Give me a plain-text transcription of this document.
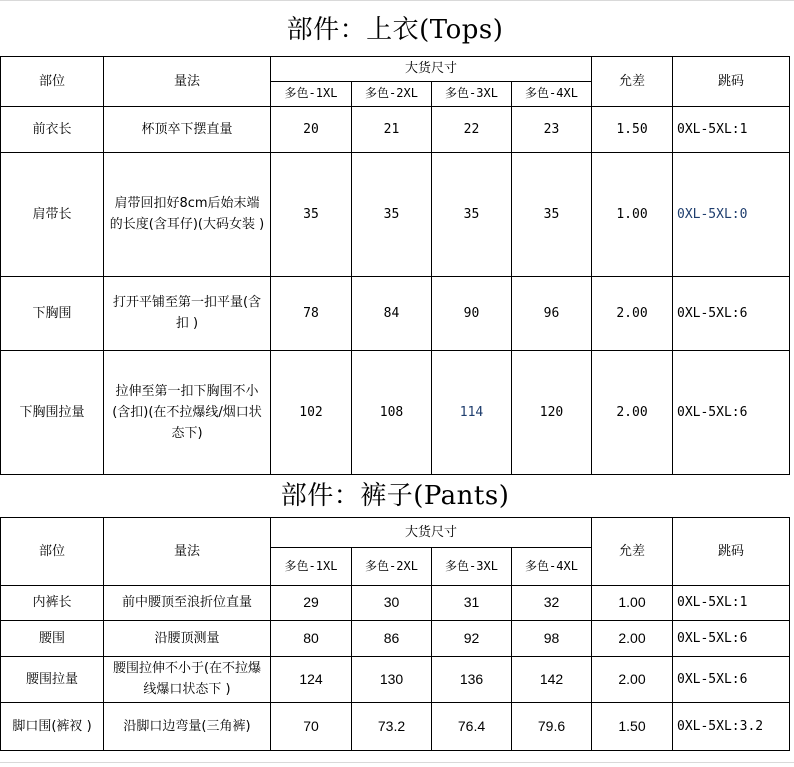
部件：上衣(Tops)							
部位	量法	大货尺寸				允差	跳码
		多色-1XL	多色-2XL	多色-3XL	多色-4XL		
前衣长	杯顶卒下摆直量	20	21	22	23	1.50	0XL-5XL:1
肩带长	肩带回扣好8cm后始末端的长度(含耳仔)(大码女装 )	35	35	35	35	1.00	0XL-5XL:0
下胸围	打开平铺至第一扣平量(含扣 )	78	84	90	96	2.00	0XL-5XL:6
下胸围拉量	拉伸至第一扣下胸围不小(含扣)(在不拉爆线/烟口状态下)	102	108	114	120	2.00	0XL-5XL:6
部件：裤子(Pants)							
部位	量法	大货尺寸				允差	跳码
		多色-1XL	多色-2XL	多色-3XL	多色-4XL		
内裤长	前中腰顶至浪折位直量	29	30	31	32	1.00	0XL-5XL:1
腰围	沿腰顶测量	80	86	92	98	2.00	0XL-5XL:6
腰围拉量	腰围拉伸不小于(在不拉爆线爆口状态下 )	124	130	136	142	2.00	0XL-5XL:6
脚口围(裤衩 )	沿脚口边弯量(三角裤)	70	73.2	76.4	79.6	1.50	0XL-5XL:3.2
